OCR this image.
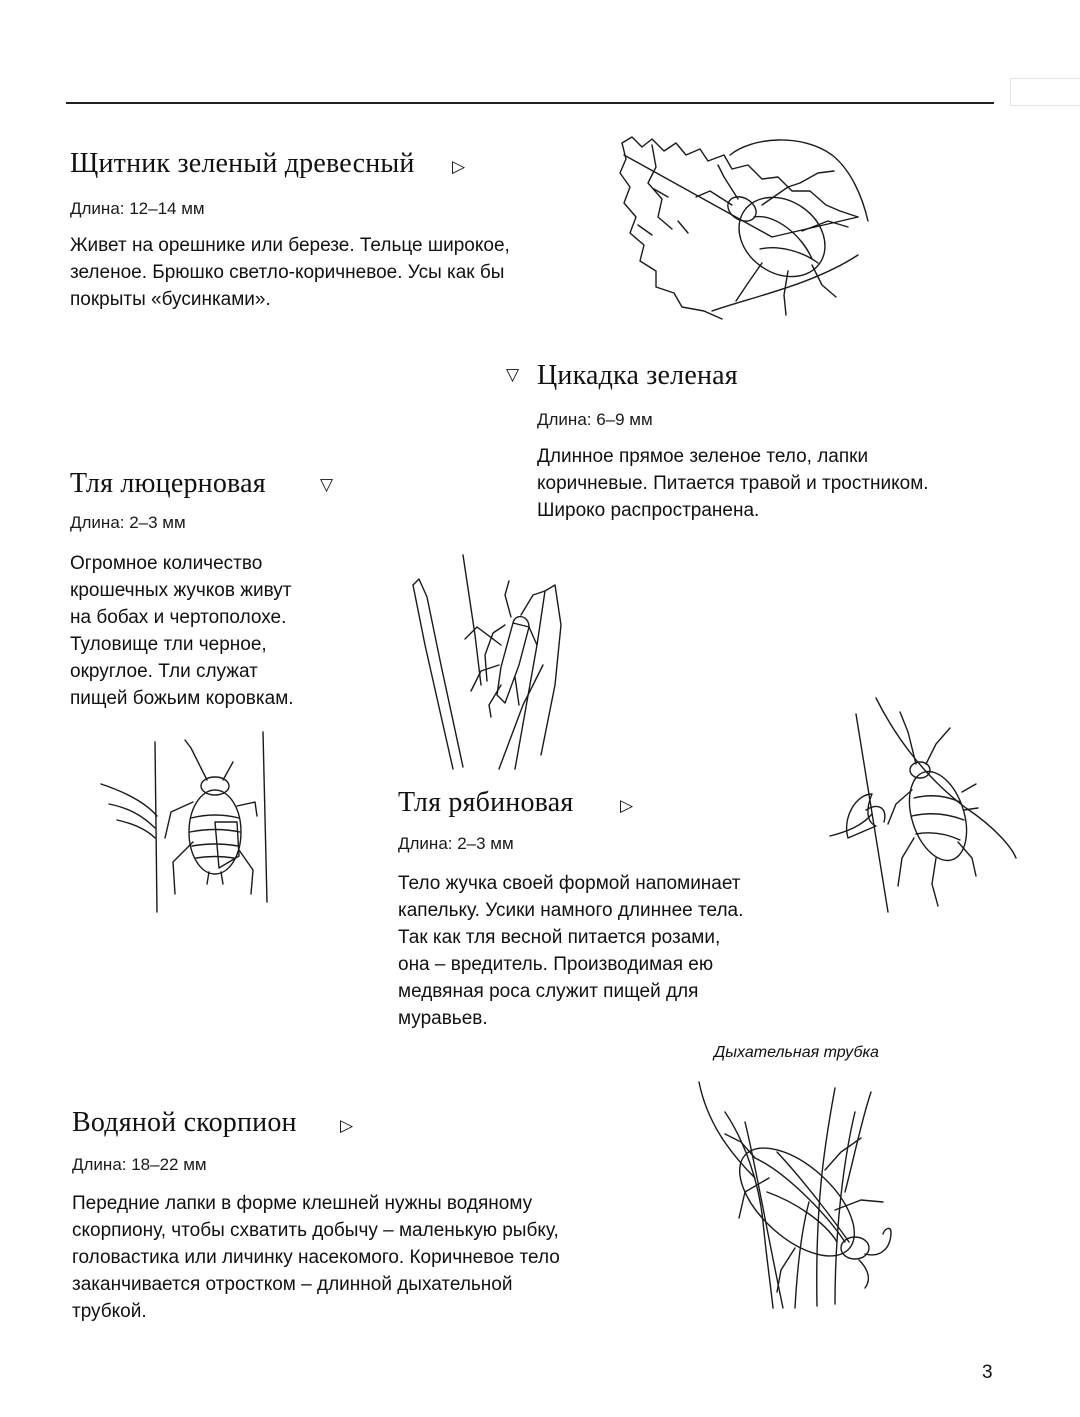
Щитник зеленый древесный ▷

Длина: 12–14 мм

Живет на орешнике или березе. Тельце широкое,
зеленое. Брюшко светло-коричневое. Усы как бы
покрыты «бусинками».
▽ Цикадка зеленая

Длина: 6–9 мм

Длинное прямое зеленое тело, лапки
коричневые. Питается травой и тростником.
Широко распространена.
Тля люцерновая	▽

Длина: 2–3 мм

Огромное количество
крошечных жучков живут
на бобах и чертополохе.
Туловище тли черное,
округлое. Тли служат
пищей божьим коровкам.
Тля рябиновая	▷

Длина: 2–3 мм

Тело жучка своей формой напоминает
капельку. Усики намного длиннее тела.
Так как тля весной питается розами,
она – вредитель. Производимая ею
медвяная роса служит пищей для
муравьев.
Дыхательная трубка
Водяной скорпион	▷

Длина: 18–22 мм

Передние лапки в форме клешней нужны водяному
скорпиону, чтобы схватить добычу – маленькую рыбку,
головастика или личинку насекомого. Коричневое тело
заканчивается отростком – длинной дыхательной
трубкой.
3
